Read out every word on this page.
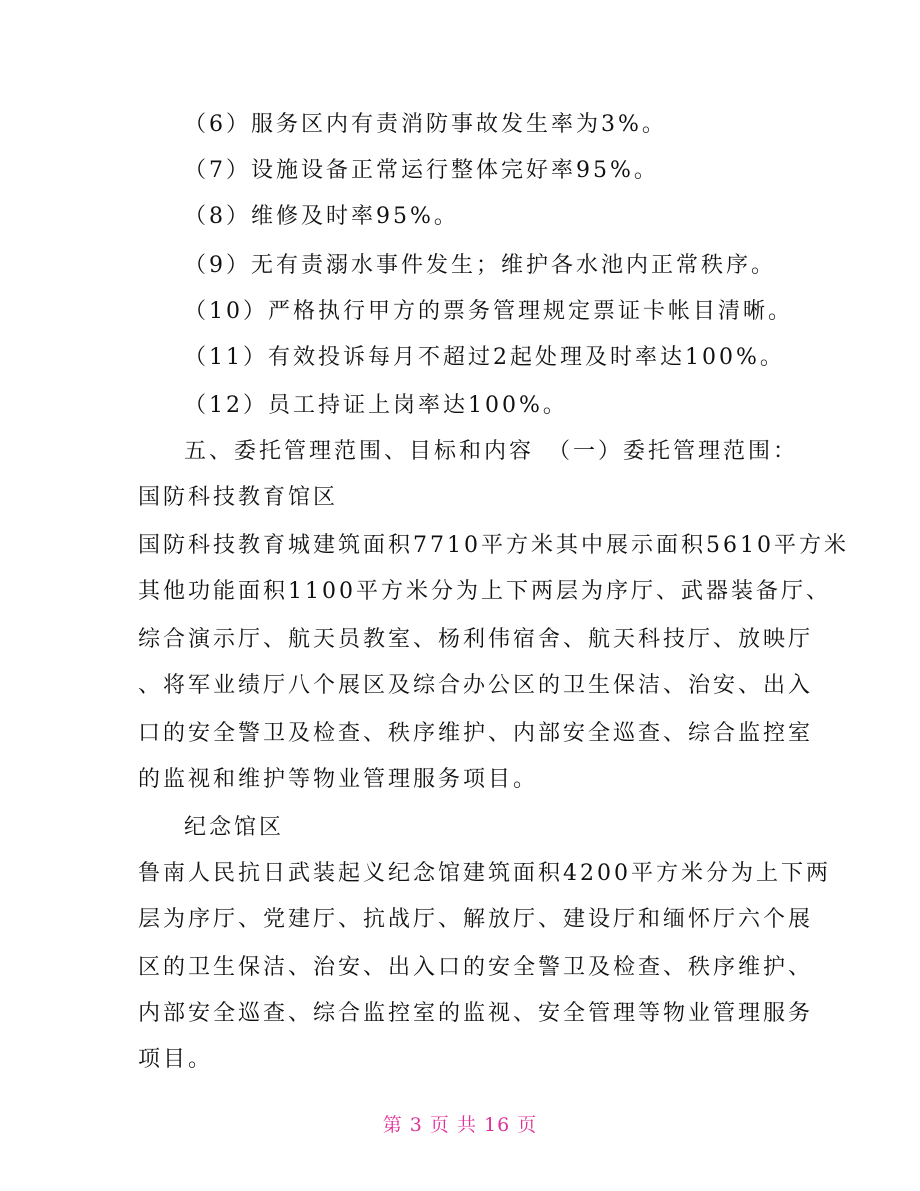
（6）服务区内有责消防事故发生率为3%。
（7）设施设备正常运行整体完好率95%。
（8）维修及时率95%。
（9）无有责溺水事件发生；维护各水池内正常秩序。
（10）严格执行甲方的票务管理规定票证卡帐目清晰。
（11）有效投诉每月不超过2起处理及时率达100%。
（12）员工持证上岗率达100%。
五、委托管理范围、目标和内容　（一）委托管理范围：
国防科技教育馆区
国防科技教育城建筑面积7710平方米其中展示面积5610平方米
其他功能面积1100平方米分为上下两层为序厅、武器装备厅、
综合演示厅、航天员教室、杨利伟宿舍、航天科技厅、放映厅
、将军业绩厅八个展区及综合办公区的卫生保洁、治安、出入
口的安全警卫及检查、秩序维护、内部安全巡查、综合监控室
的监视和维护等物业管理服务项目。
纪念馆区
鲁南人民抗日武装起义纪念馆建筑面积4200平方米分为上下两
层为序厅、党建厅、抗战厅、解放厅、建设厅和缅怀厅六个展
区的卫生保洁、治安、出入口的安全警卫及检查、秩序维护、
内部安全巡查、综合监控室的监视、安全管理等物业管理服务
项目。
第 3 页 共 16 页
